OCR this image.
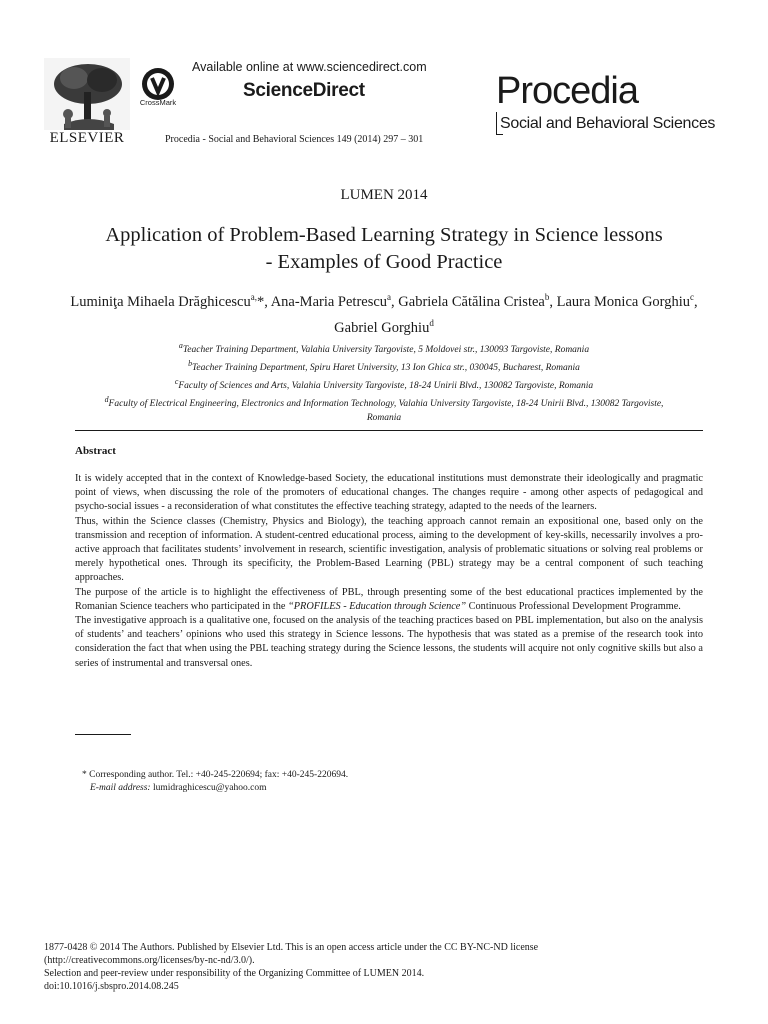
ELSEVIER
CrossMark
Available online at www.sciencedirect.com
ScienceDirect
Procedia - Social and Behavioral Sciences 149 (2014) 297 – 301
Procedia
Social and Behavioral Sciences
LUMEN 2014
Application of Problem-Based Learning Strategy in Science lessons
- Examples of Good Practice
Luminiţa Mihaela Drăghicescu$^{a,}$*, Ana-Maria Petrescu$^a$, Gabriela Cătălina Cristea$^b$, Laura Monica Gorghiu$^c$, Gabriel Gorghiu$^d$
$^a$Teacher Training Department, Valahia University Targoviste, 5 Moldovei str., 130093 Targoviste, Romania
$^b$Teacher Training Department, Spiru Haret University, 13 Ion Ghica str., 030045, Bucharest, Romania
$^c$Faculty of Sciences and Arts, Valahia University Targoviste, 18-24 Unirii Blvd., 130082 Targoviste, Romania
$^d$Faculty of Electrical Engineering, Electronics and Information Technology, Valahia University Targoviste, 18-24 Unirii Blvd., 130082 Targoviste, Romania
Abstract

It is widely accepted that in the context of Knowledge-based Society, the educational institutions must demonstrate their ideologically and pragmatic point of views, when discussing the role of the promoters of educational changes. The changes require - among other aspects of pedagogical and psycho-social issues - a reconsideration of what constitutes the effective teaching strategy, adapted to the needs of the learners.

Thus, within the Science classes (Chemistry, Physics and Biology), the teaching approach cannot remain an expositional one, based only on the transmission and reception of information. A student-centred educational process, aiming to the development of key-skills, necessarily involves a pro-active approach that facilitates students’ involvement in research, scientific investigation, analysis of problematic situations or solving real problems or merely hypothetical ones. Through its specificity, the Problem-Based Learning (PBL) strategy may be a central component of such teaching approaches.

The purpose of the article is to highlight the effectiveness of PBL, through presenting some of the best educational practices implemented by the Romanian Science teachers who participated in the “PROFILES - Education through Science” Continuous Professional Development Programme.

The investigative approach is a qualitative one, focused on the analysis of the teaching practices based on PBL implementation, but also on the analysis of students’ and teachers’ opinions who used this strategy in Science lessons. The hypothesis that was stated as a premise of the research took into consideration the fact that when using the PBL teaching strategy during the Science lessons, the students will acquire not only cognitive skills but also a series of instrumental and transversal ones.

* Corresponding author. Tel.: +40-245-220694; fax: +40-245-220694.
E-mail address: lumidraghicescu@yahoo.com
1877-0428 © 2014 The Authors. Published by Elsevier Ltd. This is an open access article under the CC BY-NC-ND license
(http://creativecommons.org/licenses/by-nc-nd/3.0/).
Selection and peer-review under responsibility of the Organizing Committee of LUMEN 2014.
doi:10.1016/j.sbspro.2014.08.245
